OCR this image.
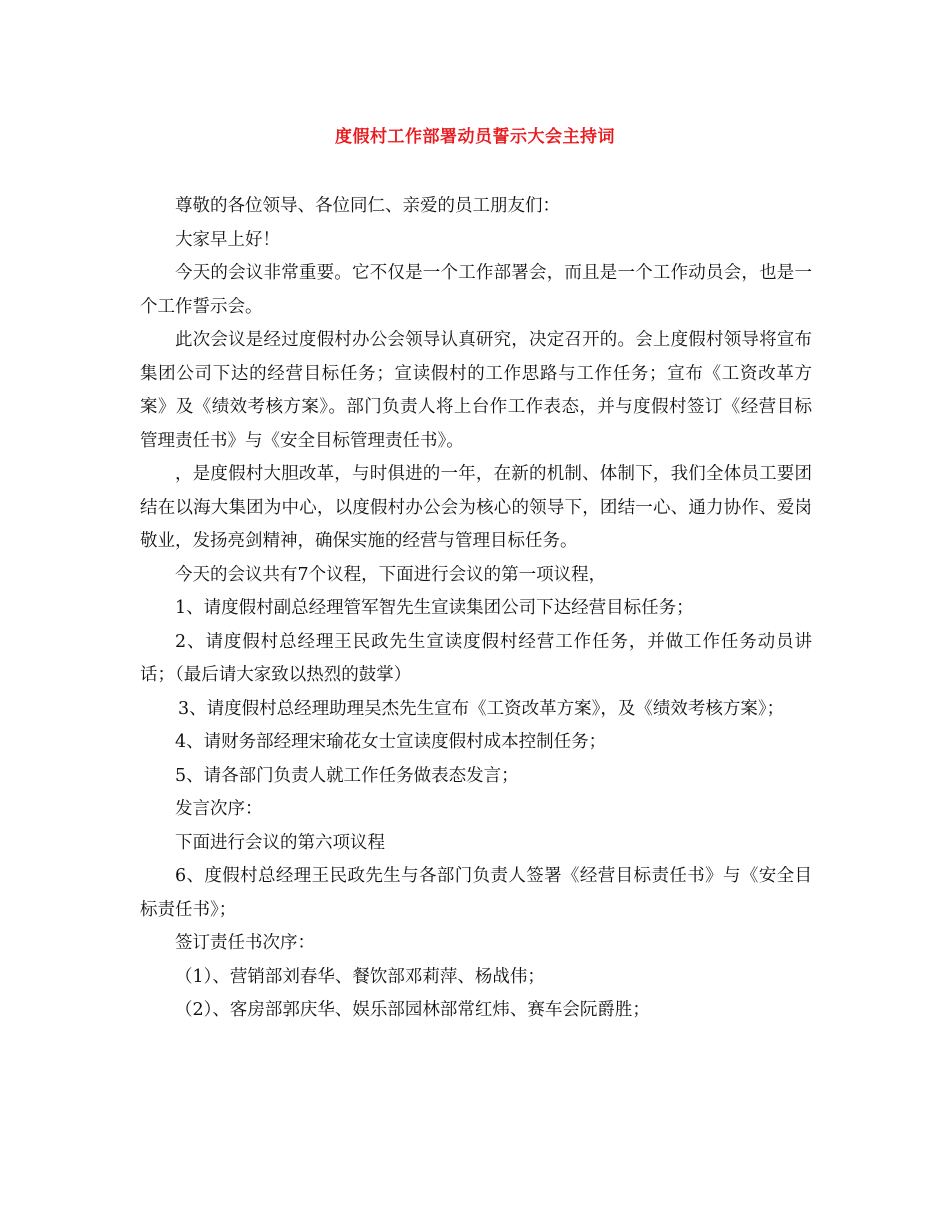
度假村工作部署动员誓示大会主持词

尊敬的各位领导、各位同仁、亲爱的员工朋友们：

大家早上好！

今天的会议非常重要。它不仅是一个工作部署会，而且是一个工作动员会，也是一个工作誓示会。

此次会议是经过度假村办公会领导认真研究，决定召开的。会上度假村领导将宣布集团公司下达的经营目标任务；宣读假村的工作思路与工作任务；宣布《工资改革方案》及《绩效考核方案》。部门负责人将上台作工作表态，并与度假村签订《经营目标管理责任书》与《安全目标管理责任书》。

，是度假村大胆改革，与时俱进的一年，在新的机制、体制下，我们全体员工要团结在以海大集团为中心，以度假村办公会为核心的领导下，团结一心、通力协作、爱岗敬业，发扬亮剑精神，确保实施的经营与管理目标任务。

今天的会议共有7个议程，下面进行会议的第一项议程，

1、请度假村副总经理管军智先生宣读集团公司下达经营目标任务；

2、请度假村总经理王民政先生宣读度假村经营工作任务，并做工作任务动员讲话；（最后请大家致以热烈的鼓掌）

3、请度假村总经理助理吴杰先生宣布《工资改革方案》，及《绩效考核方案》；

4、请财务部经理宋瑜花女士宣读度假村成本控制任务；

5、请各部门负责人就工作任务做表态发言；

发言次序：

下面进行会议的第六项议程

6、度假村总经理王民政先生与各部门负责人签署《经营目标责任书》与《安全目标责任书》；

签订责任书次序：

（1）、营销部刘春华、餐饮部邓莉萍、杨战伟；

（2）、客房部郭庆华、娱乐部园林部常红炜、赛车会阮爵胜；
